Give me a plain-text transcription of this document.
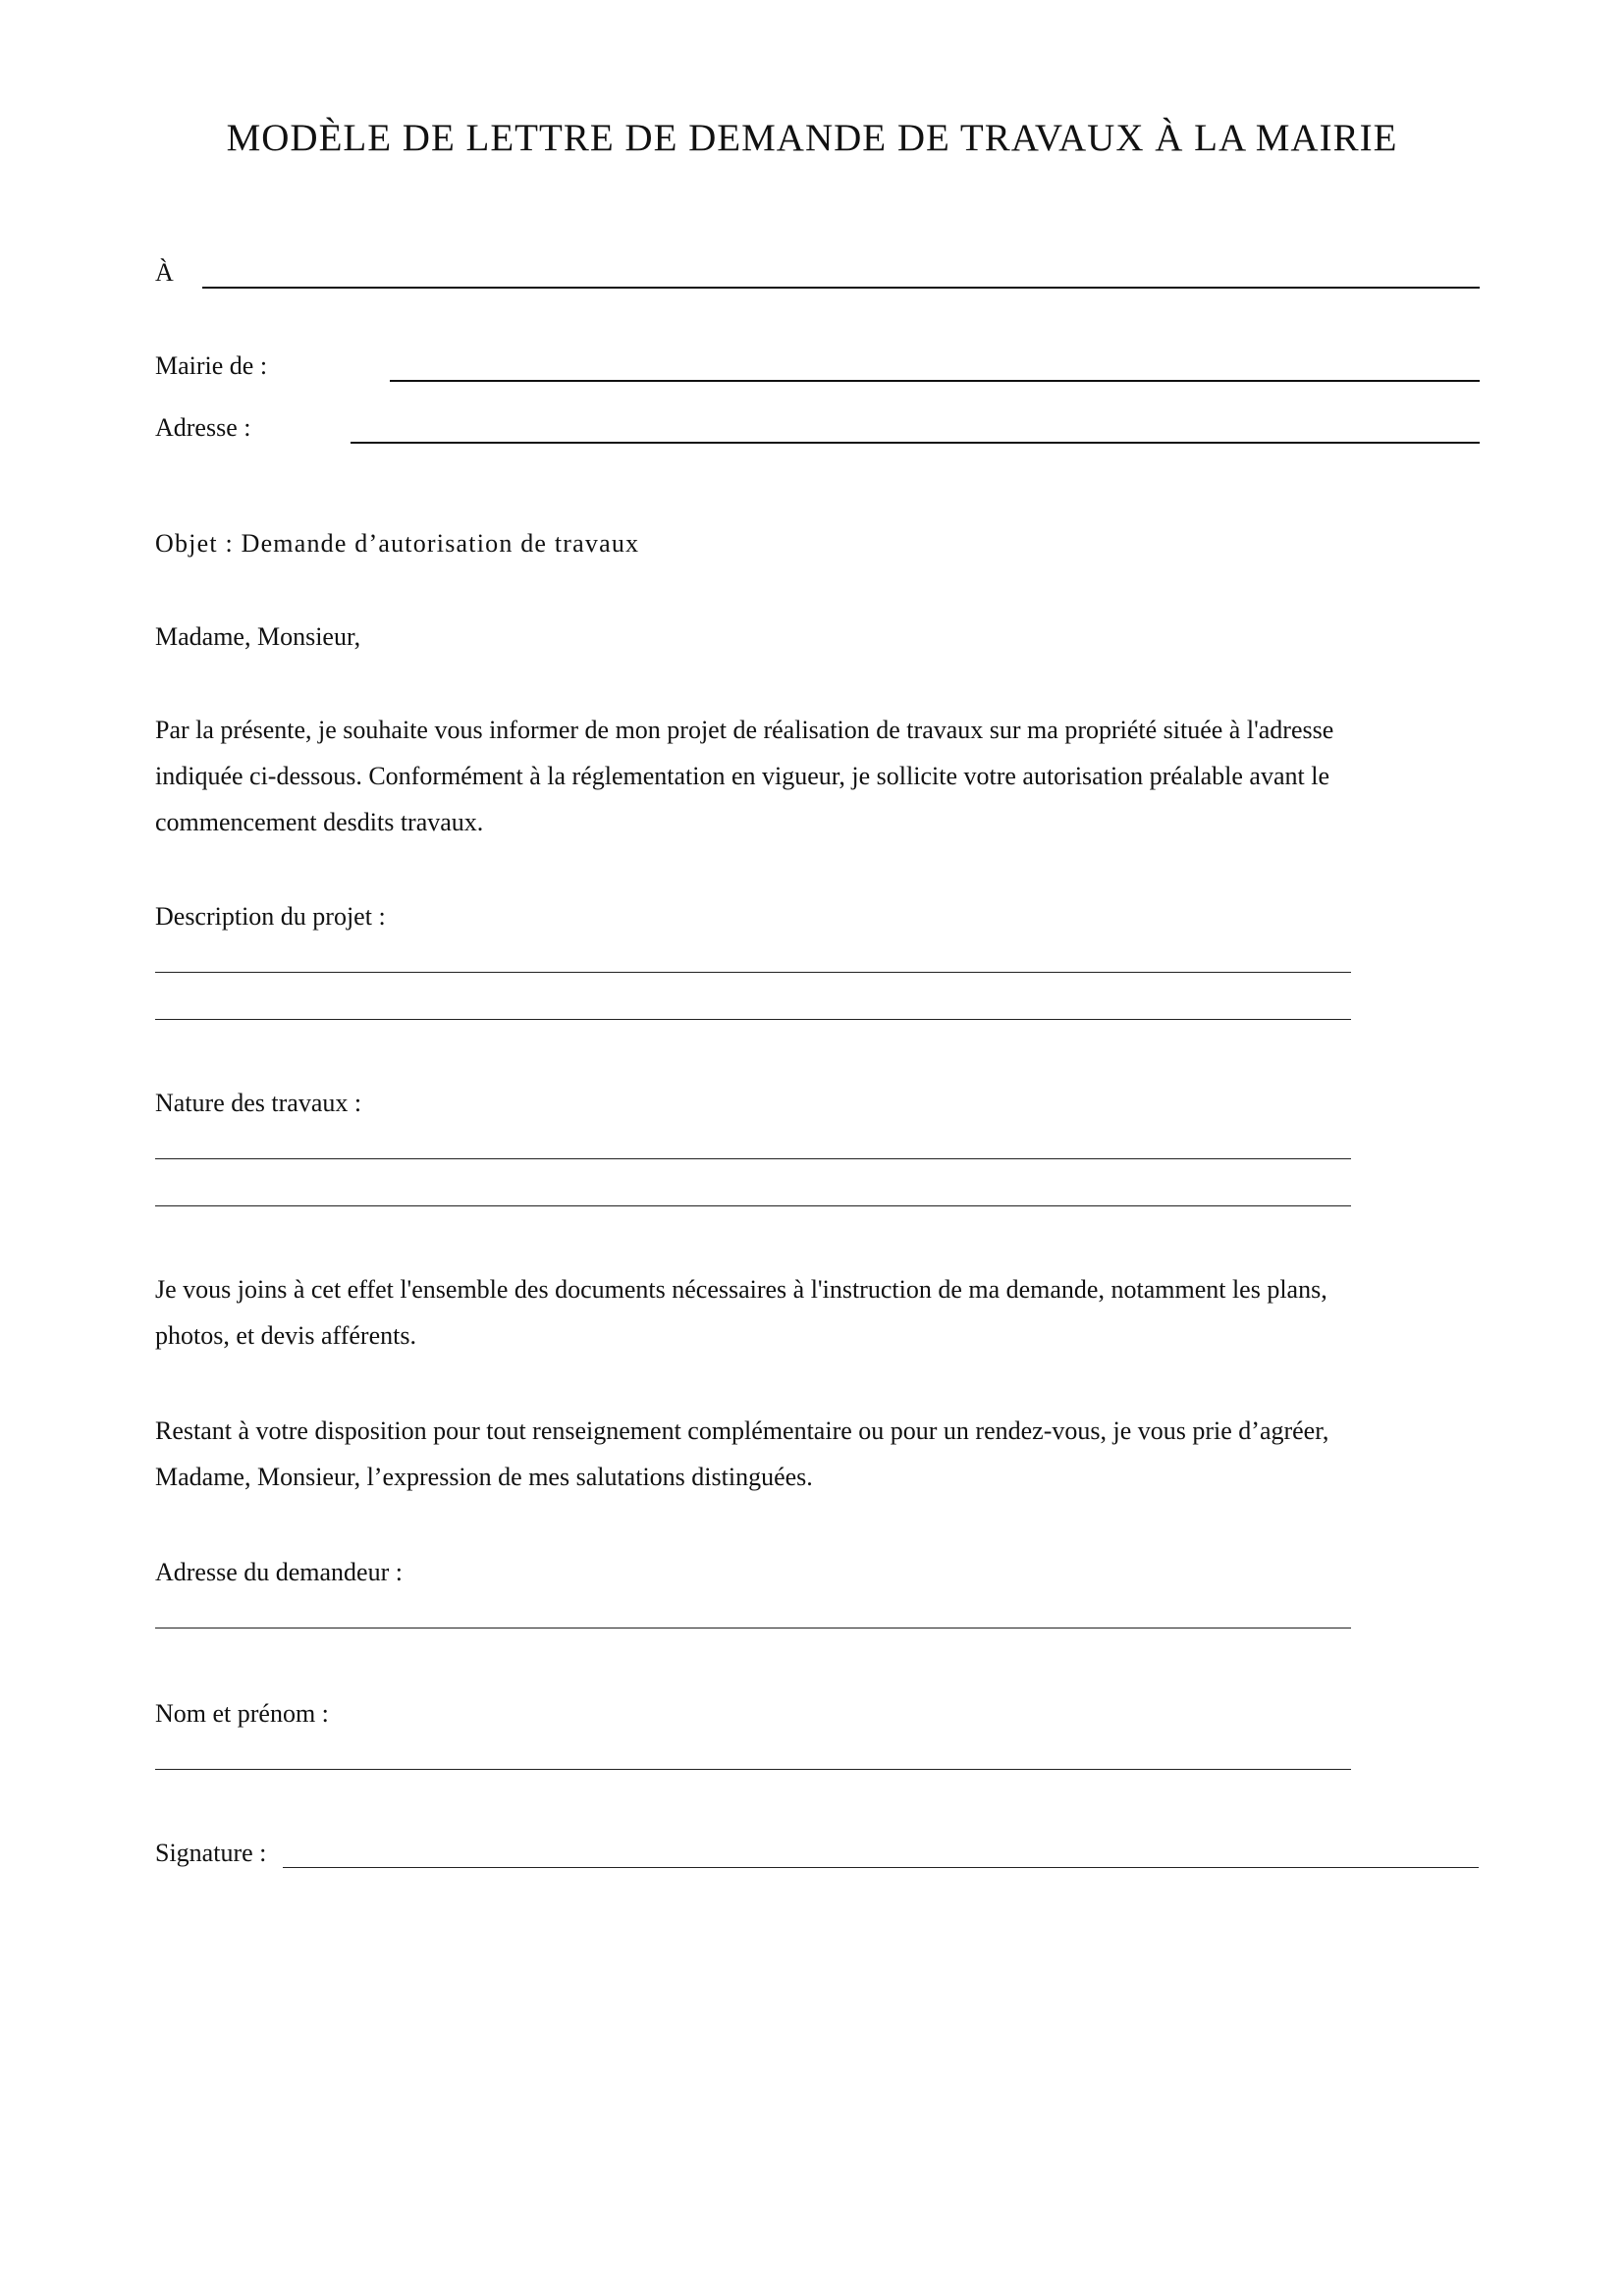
MODÈLE DE LETTRE DE DEMANDE DE TRAVAUX À LA MAIRIE
À
Mairie de :
Adresse :
Objet : Demande d’autorisation de travaux
Madame, Monsieur,
Par la présente, je souhaite vous informer de mon projet de réalisation de travaux sur ma propriété située à l'adresse
indiquée ci-dessous. Conformément à la réglementation en vigueur, je sollicite votre autorisation préalable avant le
commencement desdits travaux.
Description du projet :
Nature des travaux :
Je vous joins à cet effet l'ensemble des documents nécessaires à l'instruction de ma demande, notamment les plans,
photos, et devis afférents.
Restant à votre disposition pour tout renseignement complémentaire ou pour un rendez-vous, je vous prie d’agréer,
Madame, Monsieur, l’expression de mes salutations distinguées.
Adresse du demandeur :
Nom et prénom :
Signature :
